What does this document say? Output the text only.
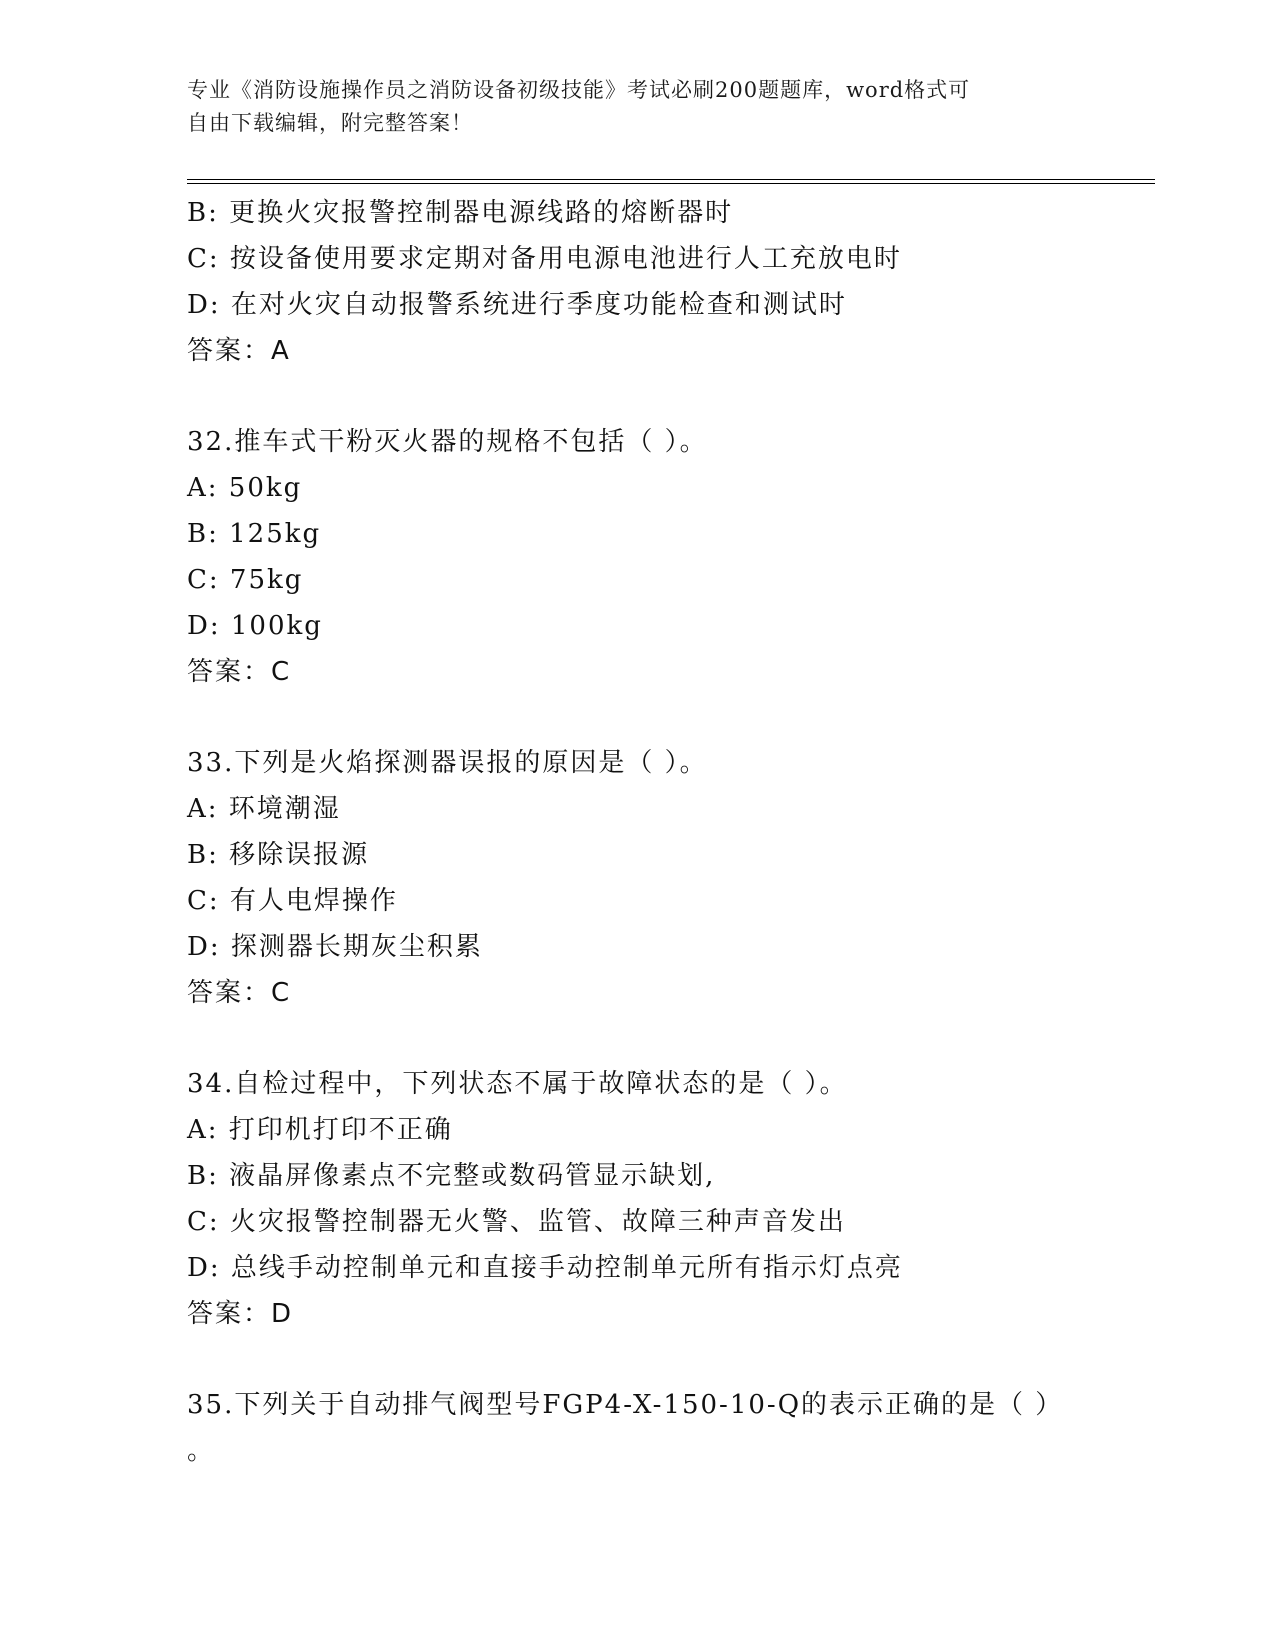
专业《消防设施操作员之消防设备初级技能》考试必刷200题题库，word格式可
自由下载编辑，附完整答案！
B: 更换火灾报警控制器电源线路的熔断器时
C: 按设备使用要求定期对备用电源电池进行人工充放电时
D: 在对火灾自动报警系统进行季度功能检查和测试时
答案：A
32.推车式干粉灭火器的规格不包括（ ）。
A: 50kg
B: 125kg
C: 75kg
D: 100kg
答案：C
33.下列是火焰探测器误报的原因是（ ）。
A: 环境潮湿
B: 移除误报源
C: 有人电焊操作
D: 探测器长期灰尘积累
答案：C
34.自检过程中，下列状态不属于故障状态的是（ ）。
A: 打印机打印不正确
B: 液晶屏像素点不完整或数码管显示缺划,
C: 火灾报警控制器无火警、监管、故障三种声音发出
D: 总线手动控制单元和直接手动控制单元所有指示灯点亮
答案：D
35.下列关于自动排气阀型号FGP4-X-150-10-Q的表示正确的是（ ）
。
